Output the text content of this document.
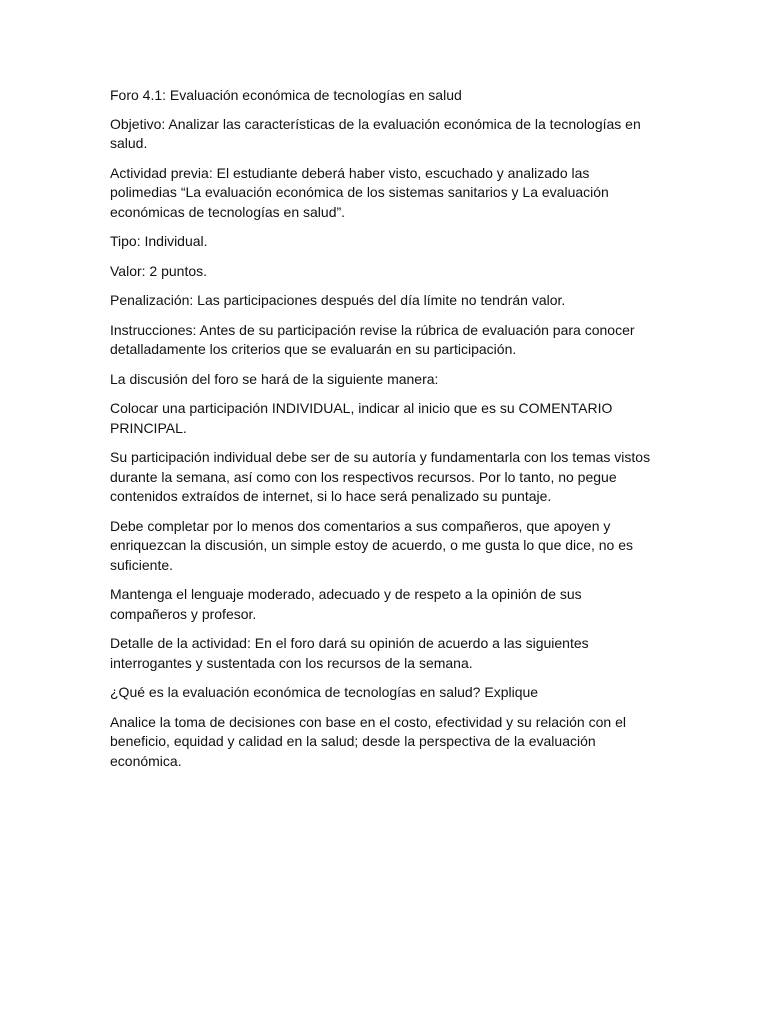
Foro 4.1: Evaluación económica de tecnologías en salud

Objetivo: Analizar las características de la evaluación económica de la tecnologías en salud.

Actividad previa: El estudiante deberá haber visto, escuchado y analizado las polimedias “La evaluación económica de los sistemas sanitarios y La evaluación económicas de tecnologías en salud”.

Tipo: Individual.

Valor: 2 puntos.

Penalización: Las participaciones después del día límite no tendrán valor.

Instrucciones: Antes de su participación revise la rúbrica de evaluación para conocer detalladamente los criterios que se evaluarán en su participación.

La discusión del foro se hará de la siguiente manera:

Colocar una participación INDIVIDUAL, indicar al inicio que es su COMENTARIO PRINCIPAL.

Su participación individual debe ser de su autoría y fundamentarla con los temas vistos durante la semana, así como con los respectivos recursos. Por lo tanto, no pegue contenidos extraídos de internet, si lo hace será penalizado su puntaje.

Debe completar por lo menos dos comentarios a sus compañeros, que apoyen y enriquezcan la discusión, un simple estoy de acuerdo, o me gusta lo que dice, no es suficiente.

Mantenga el lenguaje moderado, adecuado y de respeto a la opinión de sus compañeros y profesor.

Detalle de la actividad: En el foro dará su opinión de acuerdo a las siguientes interrogantes y sustentada con los recursos de la semana.

¿Qué es la evaluación económica de tecnologías en salud? Explique

Analice la toma de decisiones con base en el costo, efectividad y su relación con el beneficio, equidad y calidad en la salud; desde la perspectiva de la evaluación económica.
